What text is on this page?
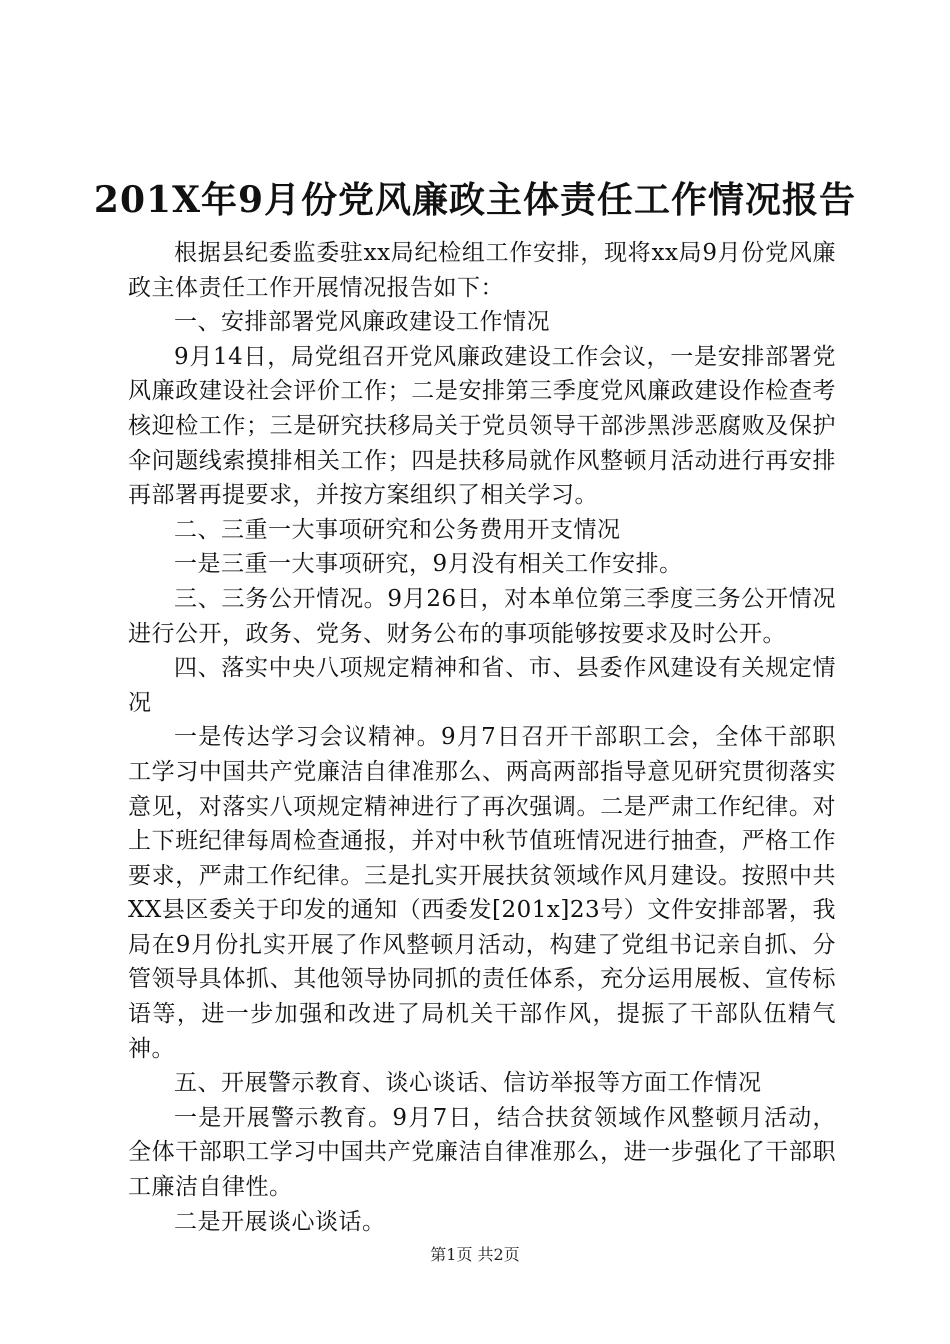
201X年9月份党风廉政主体责任工作情况报告

根据县纪委监委驻xx局纪检组工作安排，现将xx局9月份党风廉政主体责任工作开展情况报告如下：

一、安排部署党风廉政建设工作情况

9月14日，局党组召开党风廉政建设工作会议，一是安排部署党风廉政建设社会评价工作；二是安排第三季度党风廉政建设作检查考核迎检工作；三是研究扶移局关于党员领导干部涉黑涉恶腐败及保护伞问题线索摸排相关工作；四是扶移局就作风整顿月活动进行再安排再部署再提要求，并按方案组织了相关学习。

二、三重一大事项研究和公务费用开支情况

一是三重一大事项研究，9月没有相关工作安排。

三、三务公开情况。9月26日，对本单位第三季度三务公开情况进行公开，政务、党务、财务公布的事项能够按要求及时公开。

四、落实中央八项规定精神和省、市、县委作风建设有关规定情况

一是传达学习会议精神。9月7日召开干部职工会，全体干部职工学习中国共产党廉洁自律准那么、两高两部指导意见研究贯彻落实意见，对落实八项规定精神进行了再次强调。二是严肃工作纪律。对上下班纪律每周检查通报，并对中秋节值班情况进行抽查，严格工作要求，严肃工作纪律。三是扎实开展扶贫领域作风月建设。按照中共XX县区委关于印发的通知（西委发[201x]23号）文件安排部署，我局在9月份扎实开展了作风整顿月活动，构建了党组书记亲自抓、分管领导具体抓、其他领导协同抓的责任体系，充分运用展板、宣传标语等，进一步加强和改进了局机关干部作风，提振了干部队伍精气神。

五、开展警示教育、谈心谈话、信访举报等方面工作情况

一是开展警示教育。9月7日，结合扶贫领域作风整顿月活动，全体干部职工学习中国共产党廉洁自律准那么，进一步强化了干部职工廉洁自律性。

二是开展谈心谈话。

第1页 共2页
